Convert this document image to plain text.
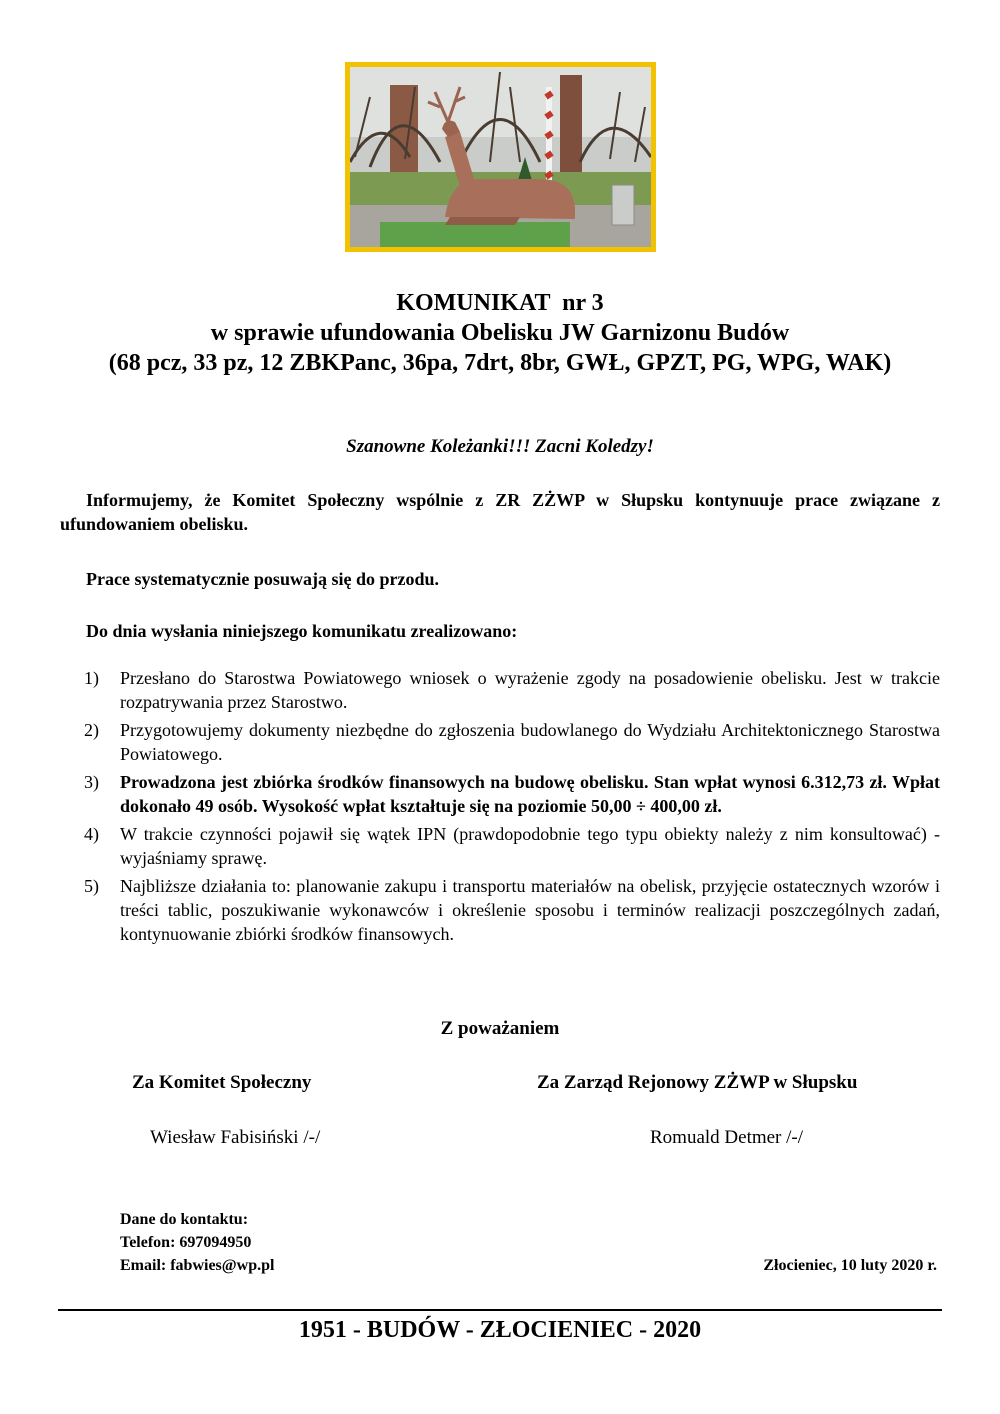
KOMUNIKAT  nr 3
w sprawie ufundowania Obelisku JW Garnizonu Budów
(68 pcz, 33 pz, 12 ZBKPanc, 36pa, 7drt, 8br, GWŁ, GPZT, PG, WPG, WAK)
Szanowne Koleżanki!!! Zacni Koledzy!
Informujemy, że Komitet Społeczny wspólnie z ZR ZŻWP w Słupsku kontynuuje prace związane z ufundowaniem obelisku.
Prace systematycznie posuwają się do przodu.
Do dnia wysłania niniejszego komunikatu zrealizowano:
1)	Przesłano do Starostwa Powiatowego wniosek o wyrażenie zgody na posadowienie obelisku. Jest w trakcie rozpatrywania przez Starostwo.
2)	Przygotowujemy dokumenty niezbędne do zgłoszenia budowlanego do Wydziału Architektonicznego Starostwa Powiatowego.
3)	Prowadzona jest zbiórka środków finansowych na budowę obelisku. Stan wpłat wynosi 6.312,73 zł. Wpłat dokonało 49 osób. Wysokość wpłat kształtuje się na poziomie 50,00 ÷ 400,00 zł.
4)	W trakcie czynności pojawił się wątek IPN (prawdopodobnie tego typu obiekty należy z nim konsultować) - wyjaśniamy sprawę.
5)	Najbliższe działania to: planowanie zakupu i transportu materiałów na obelisk, przyjęcie ostatecznych wzorów i treści tablic, poszukiwanie wykonawców i określenie sposobu i terminów realizacji poszczególnych zadań, kontynuowanie zbiórki środków finansowych.
Z poważaniem
Za Komitet Społeczny	Za Zarząd Rejonowy ZŻWP w Słupsku
Wiesław Fabisiński /-/	Romuald Detmer /-/
Dane do kontaktu:
Telefon: 697094950
Email: fabwies@wp.pl	Złocieniec, 10 luty 2020 r.
1951 - BUDÓW - ZŁOCIENIEC - 2020
